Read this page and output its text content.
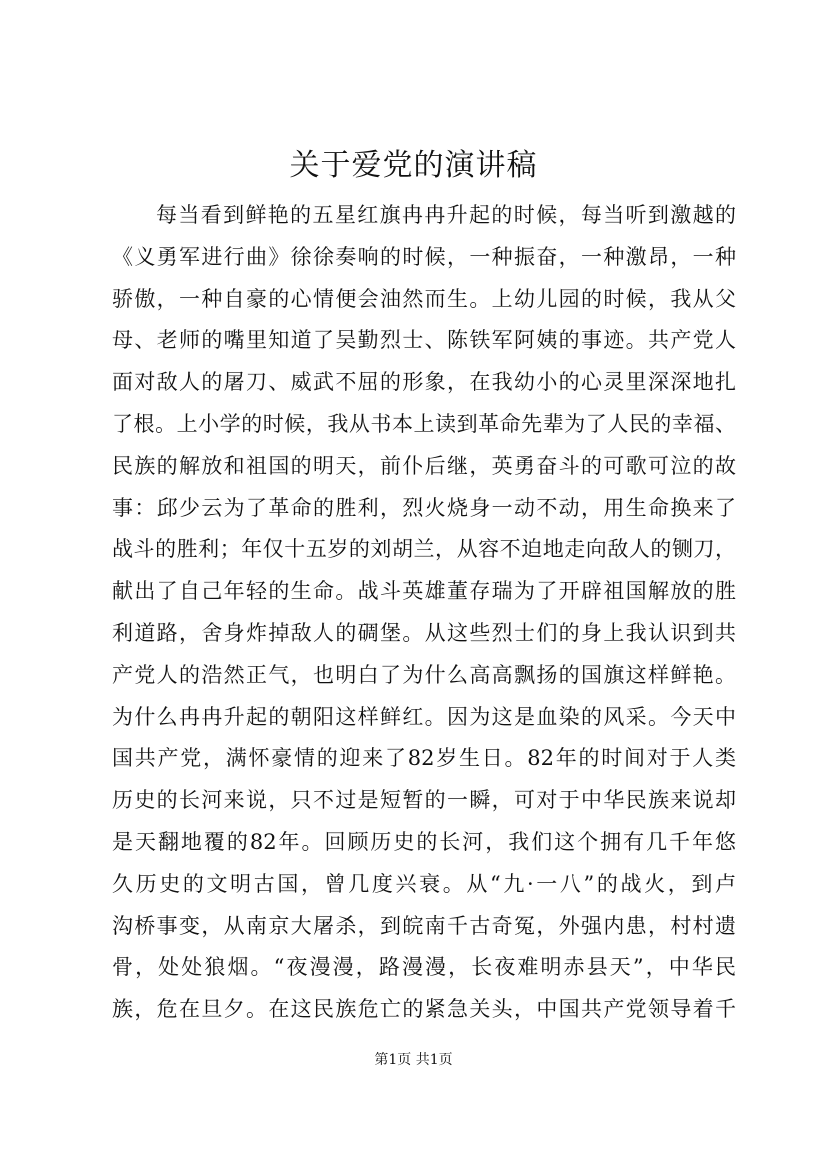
关于爱党的演讲稿
每当看到鲜艳的五星红旗冉冉升起的时候，每当听到激越的
《义勇军进行曲》徐徐奏响的时候，一种振奋，一种激昂，一种
骄傲，一种自豪的心情便会油然而生。上幼儿园的时候，我从父
母、老师的嘴里知道了吴勤烈士、陈铁军阿姨的事迹。共产党人
面对敌人的屠刀、威武不屈的形象，在我幼小的心灵里深深地扎
了根。上小学的时候，我从书本上读到革命先辈为了人民的幸福、
民族的解放和祖国的明天，前仆后继，英勇奋斗的可歌可泣的故
事：邱少云为了革命的胜利，烈火烧身一动不动，用生命换来了
战斗的胜利；年仅十五岁的刘胡兰，从容不迫地走向敌人的铡刀，
献出了自己年轻的生命。战斗英雄董存瑞为了开辟祖国解放的胜
利道路，舍身炸掉敌人的碉堡。从这些烈士们的身上我认识到共
产党人的浩然正气，也明白了为什么高高飘扬的国旗这样鲜艳。
为什么冉冉升起的朝阳这样鲜红。因为这是血染的风采。今天中
国共产党，满怀豪情的迎来了82岁生日。82年的时间对于人类
历史的长河来说，只不过是短暂的一瞬，可对于中华民族来说却
是天翻地覆的82年。回顾历史的长河，我们这个拥有几千年悠
久历史的文明古国，曾几度兴衰。从“九·一八”的战火，到卢
沟桥事变，从南京大屠杀，到皖南千古奇冤，外强内患，村村遗
骨，处处狼烟。“夜漫漫，路漫漫，长夜难明赤县天”，中华民
族，危在旦夕。在这民族危亡的紧急关头，中国共产党领导着千
第1页 共1页
